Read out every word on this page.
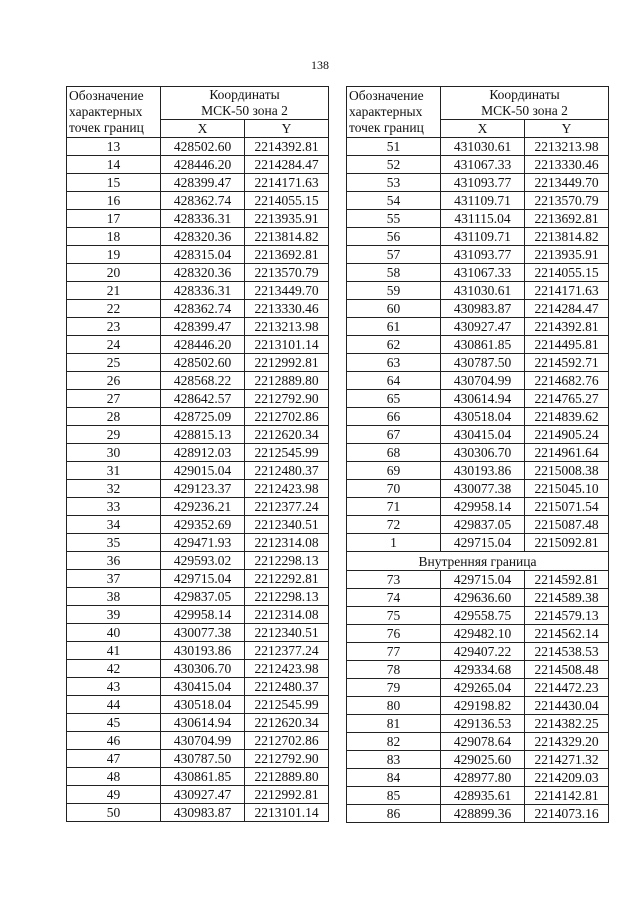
138
Обозначение
характерных
точек границ	Координаты
МСК-50 зона 2	

	X	Y
13	428502.60	2214392.81
14	428446.20	2214284.47
15	428399.47	2214171.63
16	428362.74	2214055.15
17	428336.31	2213935.91
18	428320.36	2213814.82
19	428315.04	2213692.81
20	428320.36	2213570.79
21	428336.31	2213449.70
22	428362.74	2213330.46
23	428399.47	2213213.98
24	428446.20	2213101.14
25	428502.60	2212992.81
26	428568.22	2212889.80
27	428642.57	2212792.90
28	428725.09	2212702.86
29	428815.13	2212620.34
30	428912.03	2212545.99
31	429015.04	2212480.37
32	429123.37	2212423.98
33	429236.21	2212377.24
34	429352.69	2212340.51
35	429471.93	2212314.08
36	429593.02	2212298.13
37	429715.04	2212292.81
38	429837.05	2212298.13
39	429958.14	2212314.08
40	430077.38	2212340.51
41	430193.86	2212377.24
42	430306.70	2212423.98
43	430415.04	2212480.37
44	430518.04	2212545.99
45	430614.94	2212620.34
46	430704.99	2212702.86
47	430787.50	2212792.90
48	430861.85	2212889.80
49	430927.47	2212992.81
50	430983.87	2213101.14
Обозначение
характерных
точек границ	Координаты
МСК-50 зона 2	

	X	Y
51	431030.61	2213213.98
52	431067.33	2213330.46
53	431093.77	2213449.70
54	431109.71	2213570.79
55	431115.04	2213692.81
56	431109.71	2213814.82
57	431093.77	2213935.91
58	431067.33	2214055.15
59	431030.61	2214171.63
60	430983.87	2214284.47
61	430927.47	2214392.81
62	430861.85	2214495.81
63	430787.50	2214592.71
64	430704.99	2214682.76
65	430614.94	2214765.27
66	430518.04	2214839.62
67	430415.04	2214905.24
68	430306.70	2214961.64
69	430193.86	2215008.38
70	430077.38	2215045.10
71	429958.14	2215071.54
72	429837.05	2215087.48
1	429715.04	2215092.81
Внутренняя граница		
73	429715.04	2214592.81
74	429636.60	2214589.38
75	429558.75	2214579.13
76	429482.10	2214562.14
77	429407.22	2214538.53
78	429334.68	2214508.48
79	429265.04	2214472.23
80	429198.82	2214430.04
81	429136.53	2214382.25
82	429078.64	2214329.20
83	429025.60	2214271.32
84	428977.80	2214209.03
85	428935.61	2214142.81
86	428899.36	2214073.16
